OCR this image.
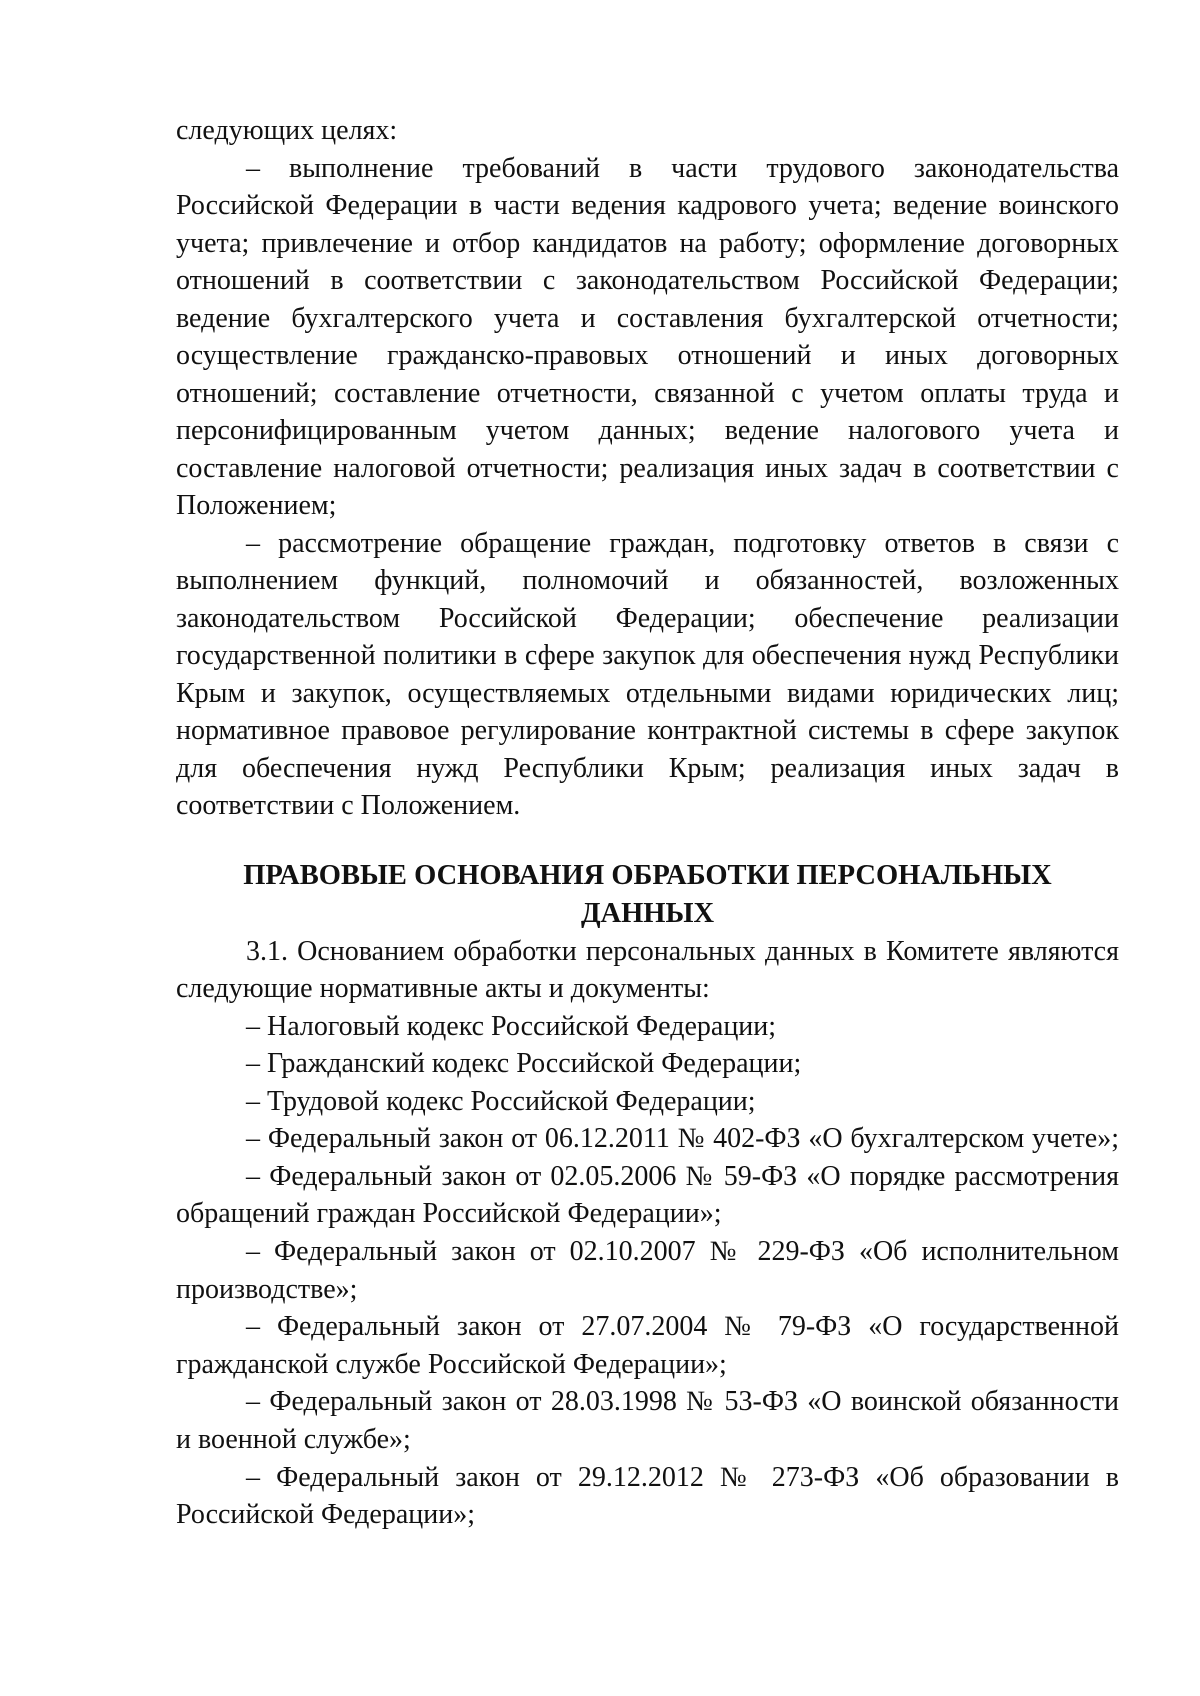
следующих целях:

– выполнение требований в части трудового законодательства

Российской Федерации в части ведения кадрового учета; ведение воинского

учета; привлечение и отбор кандидатов на работу; оформление договорных

отношений в соответствии с законодательством Российской Федерации;

ведение бухгалтерского учета и составления бухгалтерской отчетности;

осуществление гражданско-правовых отношений и иных договорных

отношений; составление отчетности, связанной с учетом оплаты труда и

персонифицированным учетом данных; ведение налогового учета и

составление налоговой отчетности; реализация иных задач в соответствии с

Положением;

– рассмотрение обращение граждан, подготовку ответов в связи с

выполнением функций, полномочий и обязанностей, возложенных

законодательством Российской Федерации; обеспечение реализации

государственной политики в сфере закупок для обеспечения нужд Республики

Крым и закупок, осуществляемых отдельными видами юридических лиц;

нормативное правовое регулирование контрактной системы в сфере закупок

для обеспечения нужд Республики Крым; реализация иных задач в

соответствии с Положением.

ПРАВОВЫЕ ОСНОВАНИЯ ОБРАБОТКИ ПЕРСОНАЛЬНЫХ
ДАННЫХ

3.1. Основанием обработки персональных данных в Комитете являются

следующие нормативные акты и документы:

– Налоговый кодекс Российской Федерации;

– Гражданский кодекс Российской Федерации;

– Трудовой кодекс Российской Федерации;

– Федеральный закон от 06.12.2011 № 402-ФЗ «О бухгалтерском учете»;

– Федеральный закон от 02.05.2006 № 59-ФЗ «О порядке рассмотрения

обращений граждан Российской Федерации»;

– Федеральный закон от 02.10.2007 № 229-ФЗ «Об исполнительном

производстве»;

– Федеральный закон от 27.07.2004 № 79-ФЗ «О государственной

гражданской службе Российской Федерации»;

– Федеральный закон от 28.03.1998 № 53-ФЗ «О воинской обязанности

и военной службе»;

– Федеральный закон от 29.12.2012 № 273-ФЗ «Об образовании в

Российской Федерации»;
